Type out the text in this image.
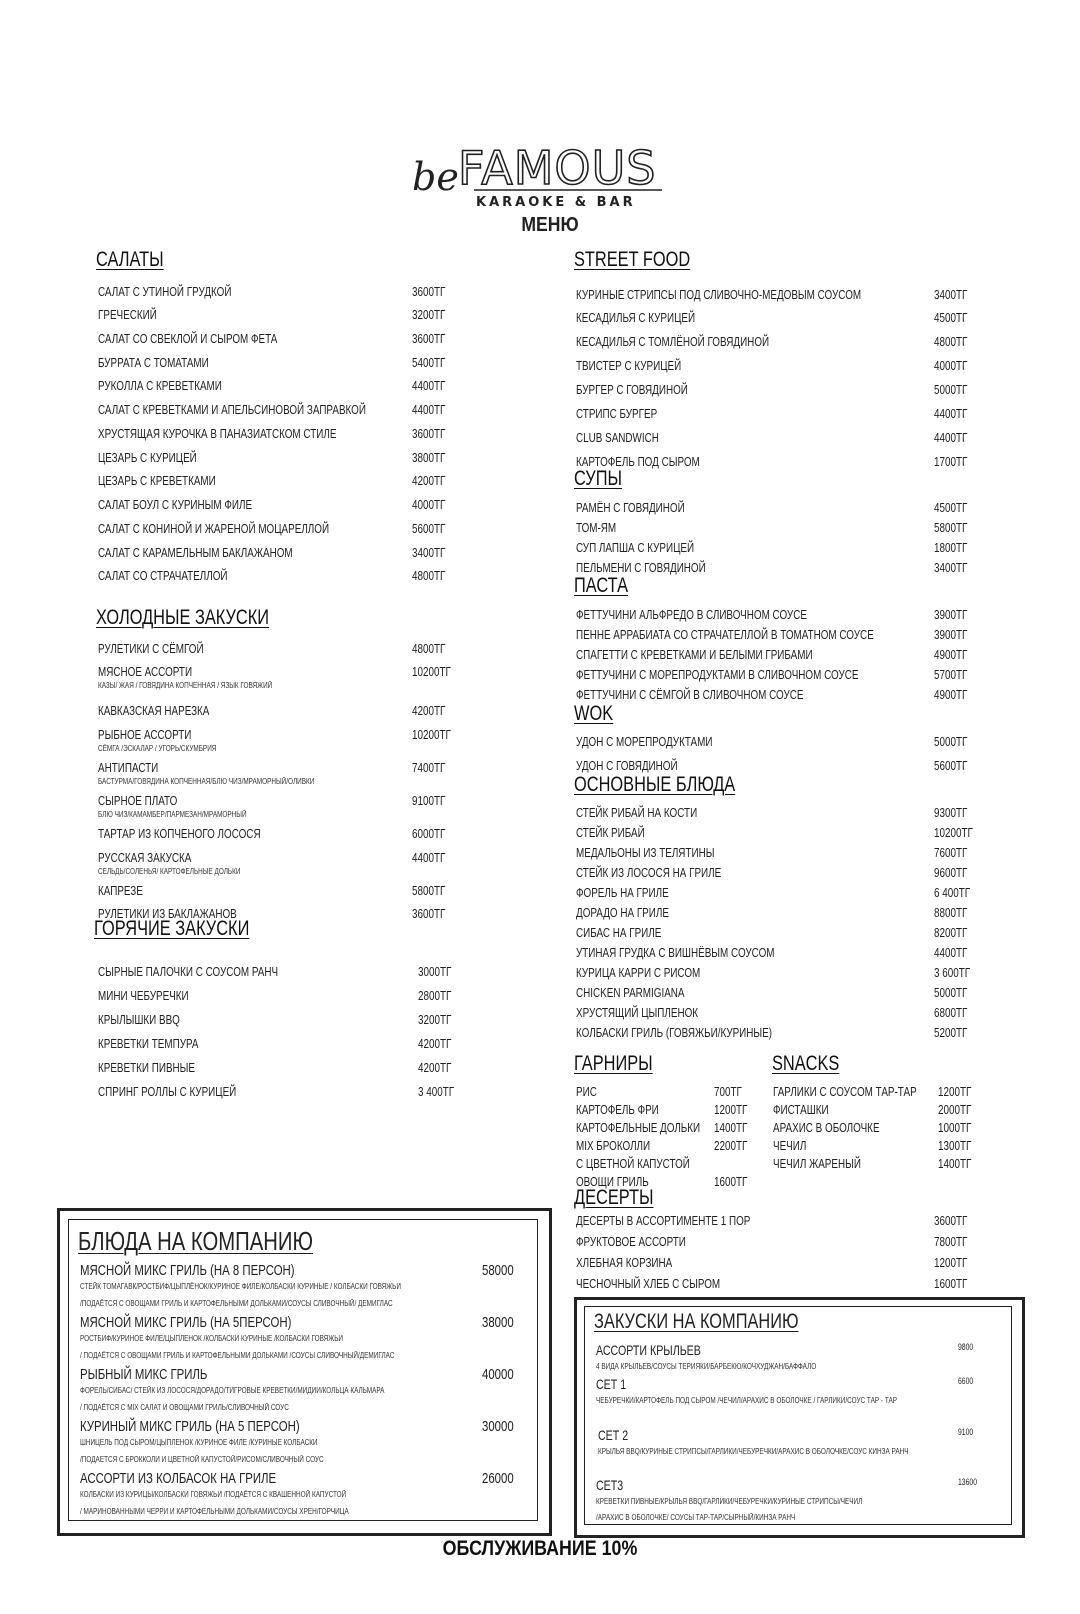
be FAMOUS
KARAOKE & BAR
МЕНЮ
САЛАТЫ
САЛАТ С УТИНОЙ ГРУДКОЙ	3600ТГ
ГРЕЧЕСКИЙ	3200ТГ
САЛАТ СО СВЕКЛОЙ И СЫРОМ ФЕТА	3600ТГ
БУРРАТА С ТОМАТАМИ	5400ТГ
РУКОЛЛА С КРЕВЕТКАМИ	4400ТГ
САЛАТ С КРЕВЕТКАМИ И АПЕЛЬСИНОВОЙ ЗАПРАВКОЙ	4400ТГ
ХРУСТЯЩАЯ КУРОЧКА В ПАНАЗИАТСКОМ СТИЛЕ	3600ТГ
ЦЕЗАРЬ С КУРИЦЕЙ	3800ТГ
ЦЕЗАРЬ С КРЕВЕТКАМИ	4200ТГ
САЛАТ БОУЛ С КУРИНЫМ ФИЛЕ	4000ТГ
САЛАТ С КОНИНОЙ И ЖАРЕНОЙ МОЦАРЕЛЛОЙ	5600ТГ
САЛАТ С КАРАМЕЛЬНЫМ БАКЛАЖАНОМ	3400ТГ
САЛАТ СО СТРАЧАТЕЛЛОЙ	4800ТГ
ХОЛОДНЫЕ ЗАКУСКИ
РУЛЕТИКИ С СЁМГОЙ	4800ТГ
МЯСНОЕ АССОРТИ	10200ТГ
КАЗЫ/ ЖАЯ / ГОВЯДИНА КОПЧЕННАЯ / ЯЗЫК ГОВЯЖИЙ
КАВКАЗСКАЯ НАРЕЗКА	4200ТГ
РЫБНОЕ АССОРТИ	10200ТГ
СЁМГА /ЭСКАЛАР / УГОРЬ/СКУМБРИЯ
АНТИПАСТИ	7400ТГ
БАСТУРМА/ГОВЯДИНА КОПЧЕННАЯ/БЛЮ ЧИЗ/МРАМОРНЫЙ/ОЛИВКИ
СЫРНОЕ ПЛАТО	9100ТГ
БЛЮ ЧИЗ/КАМАМБЕР/ПАРМЕЗАН/МРАМОРНЫЙ
ТАРТАР ИЗ КОПЧЕНОГО ЛОСОСЯ	6000ТГ
РУССКАЯ ЗАКУСКА	4400ТГ
СЕЛЬДЬ/СОЛЕНЬЯ/ КАРТОФЕЛЬНЫЕ ДОЛЬКИ
КАПРЕЗЕ	5800ТГ
РУЛЕТИКИ ИЗ БАКЛАЖАНОВ	3600ТГ
ГОРЯЧИЕ ЗАКУСКИ
СЫРНЫЕ ПАЛОЧКИ С СОУСОМ РАНЧ	3000ТГ
МИНИ ЧЕБУРЕЧКИ	2800ТГ
КРЫЛЫШКИ BBQ	3200ТГ
КРЕВЕТКИ ТЕМПУРА	4200ТГ
КРЕВЕТКИ ПИВНЫЕ	4200ТГ
СПРИНГ РОЛЛЫ С КУРИЦЕЙ	3 400ТГ
STREET FOOD
КУРИНЫЕ СТРИПСЫ ПОД СЛИВОЧНО-МЕДОВЫМ СОУСОМ	3400ТГ
КЕСАДИЛЬЯ С КУРИЦЕЙ	4500ТГ
КЕСАДИЛЬЯ С ТОМЛЁНОЙ ГОВЯДИНОЙ	4800ТГ
ТВИСТЕР С КУРИЦЕЙ	4000ТГ
БУРГЕР С ГОВЯДИНОЙ	5000ТГ
СТРИПС БУРГЕР	4400ТГ
CLUB SANDWICH	4400ТГ
КАРТОФЕЛЬ ПОД СЫРОМ	1700ТГ
СУПЫ
РАМЁН С ГОВЯДИНОЙ	4500ТГ
ТОМ-ЯМ	5800ТГ
СУП ЛАПША С КУРИЦЕЙ	1800ТГ
ПЕЛЬМЕНИ С ГОВЯДИНОЙ	3400ТГ
ПАСТА
ФЕТТУЧИНИ АЛЬФРЕДО В СЛИВОЧНОМ СОУСЕ	3900ТГ
ПЕННЕ АРРАБИАТА СО СТРАЧАТЕЛЛОЙ В ТОМАТНОМ СОУСЕ	3900ТГ
СПАГЕТТИ С КРЕВЕТКАМИ И БЕЛЫМИ ГРИБАМИ	4900ТГ
ФЕТТУЧИНИ С МОРЕПРОДУКТАМИ В СЛИВОЧНОМ СОУСЕ	5700ТГ
ФЕТТУЧИНИ С СЁМГОЙ В СЛИВОЧНОМ СОУСЕ	4900ТГ
WOK
УДОН С МОРЕПРОДУКТАМИ	5000ТГ
УДОН С ГОВЯДИНОЙ	5600ТГ
ОСНОВНЫЕ БЛЮДА
СТЕЙК РИБАЙ НА КОСТИ	9300ТГ
СТЕЙК РИБАЙ	10200ТГ
МЕДАЛЬОНЫ ИЗ ТЕЛЯТИНЫ	7600ТГ
СТЕЙК ИЗ ЛОСОСЯ НА ГРИЛЕ	9600ТГ
ФОРЕЛЬ НА ГРИЛЕ	6 400ТГ
ДОРАДО НА ГРИЛЕ	8800ТГ
СИБАС НА ГРИЛЕ	8200ТГ
УТИНАЯ ГРУДКА С ВИШНЁВЫМ СОУСОМ	4400ТГ
КУРИЦА КАРРИ С РИСОМ	3 600ТГ
CHICKEN PARMIGIANA	5000ТГ
ХРУСТЯЩИЙ ЦЫПЛЕНОК	6800ТГ
КОЛБАСКИ ГРИЛЬ (ГОВЯЖЬИ/КУРИНЫЕ)	5200ТГ
ГАРНИРЫ
РИС	700ТГ
КАРТОФЕЛЬ ФРИ	1200ТГ
КАРТОФЕЛЬНЫЕ ДОЛЬКИ 1400ТГ
MIX БРОКОЛЛИ	2200ТГ
С ЦВЕТНОЙ КАПУСТОЙ
ОВОЩИ ГРИЛЬ	1600ТГ
SNACKS
ГАРЛИКИ С СОУСОМ ТАР-ТАР 1200ТГ
ФИСТАШКИ	2000ТГ
АРАХИС В ОБОЛОЧКЕ	1000ТГ
ЧЕЧИЛ	1300ТГ
ЧЕЧИЛ ЖАРЕНЫЙ	1400ТГ
ДЕСЕРТЫ
ДЕСЕРТЫ В АССОРТИМЕНТЕ 1 ПОР	3600ТГ
ФРУКТОВОЕ АССОРТИ	7800ТГ
ХЛЕБНАЯ КОРЗИНА	1200ТГ
ЧЕСНОЧНЫЙ ХЛЕБ С СЫРОМ	1600ТГ
БЛЮДА НА КОМПАНИЮ
МЯСНОЙ МИКС ГРИЛЬ (НА 8 ПЕРСОН)	58000
СТЕЙК ТОМАГАВК/РОСТБИФ/ЦЫПЛЁНОК/КУРИНОЕ ФИЛЕ/КОЛБАСКИ КУРИНЫЕ / КОЛБАСКИ ГОВЯЖЬИ
/ПОДАЁТСЯ С ОВОЩАМИ ГРИЛЬ И КАРТОФЕЛЬНЫМИ ДОЛЬКАМИ/СОУСЫ СЛИВОЧНЫЙ/ ДЕМИГЛАС
МЯСНОЙ МИКС ГРИЛЬ (НА 5ПЕРСОН)	38000
РОСТБИФ/КУРИНОЕ ФИЛЕ/ЦЫПЛЕНОК /КОЛБАСКИ КУРИНЫЕ /КОЛБАСКИ ГОВЯЖЬИ
/ ПОДАЁТСЯ С ОВОЩАМИ ГРИЛЬ И КАРТОФЕЛЬНЫМИ ДОЛЬКАМИ /СОУСЫ СЛИВОЧНЫЙ/ДЕМИГЛАС
РЫБНЫЙ МИКС ГРИЛЬ	40000
ФОРЕЛЬ/СИБАС/ СТЕЙК ИЗ ЛОСОСЯ/ДОРАДО/ТИГРОВЫЕ КРЕВЕТКИ/МИДИИ/КОЛЬЦА КАЛЬМАРА
/ ПОДАЁТСЯ С MIX САЛАТ И ОВОЩАМИ ГРИЛЬ/СЛИВОЧНЫЙ СОУС
КУРИНЫЙ МИКС ГРИЛЬ (НА 5 ПЕРСОН)	30000
ШНИЦЕЛЬ ПОД СЫРОМ/ЦЫПЛЕНОК /КУРИНОЕ ФИЛЕ /КУРИНЫЕ КОЛБАСКИ
/ПОДАЕТСЯ С БРОККОЛИ И ЦВЕТНОЙ КАПУСТОЙ/РИСОМ/СЛИВОЧНЫЙ СОУС
АССОРТИ ИЗ КОЛБАСОК НА ГРИЛЕ	26000
КОЛБАСКИ ИЗ КУРИЦЫ/КОЛБАСКИ ГОВЯЖЬИ /ПОДАЁТСЯ С КВАШЕННОЙ КАПУСТОЙ
/ МАРИНОВАННЫМИ ЧЕРРИ И КАРТОФЕЛЬНЫМИ ДОЛЬКАМИ/СОУСЫ ХРЕН/ГОРЧИЦА
ЗАКУСКИ НА КОМПАНИЮ
АССОРТИ КРЫЛЬЕВ	9800
4 ВИДА КРЫЛЬЕВ/СОУСЫ ТЕРИЯКИ/БАРБЕКЮ/КОЧХУДЖАН/БАФФАЛО
СЕТ 1	6600
ЧЕБУРЕЧКИ/КАРТОФЕЛЬ ПОД СЫРОМ /ЧЕЧИЛ/АРАХИС В ОБОЛОЧКЕ / ГАРЛИКИ/СОУС ТАР - ТАР
СЕТ 2	9100
КРЫЛЬЯ BBQ/КУРИНЫЕ СТРИПСЫ/ГАРЛИКИ/ЧЕБУРЕЧКИ/АРАХИС В ОБОЛОЧКЕ/СОУС КИНЗА РАНЧ
СЕТ3	13600
КРЕВЕТКИ ПИВНЫЕ/КРЫЛЬЯ BBQ/ГАРЛИКИ/ЧЕБУРЕЧКИ/КУРИНЫЕ СТРИПСЫ/ЧЕЧИЛ
/АРАХИС В ОБОЛОЧКЕ/ СОУСЫ ТАР-ТАР/СЫРНЫЙ/КИНЗА РАНЧ
ОБСЛУЖИВАНИЕ 10%
